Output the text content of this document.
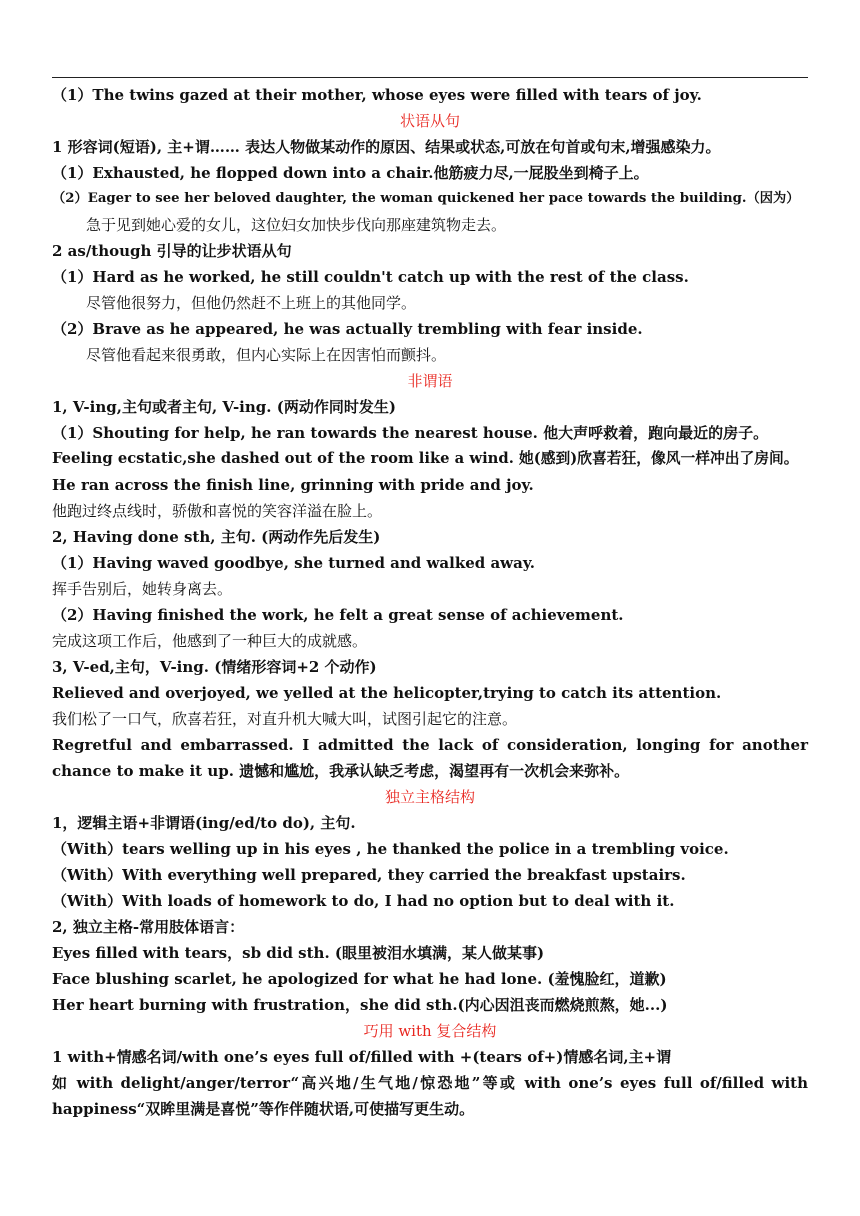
（1）The twins gazed at their mother, whose eyes were filled with tears of joy.
状语从句
1 形容词(短语), 主+谓…… 表达人物做某动作的原因、结果或状态,可放在句首或句末,增强感染力。
（1）Exhausted, he flopped down into a chair.他筋疲力尽,一屁股坐到椅子上。
（2）Eager to see her beloved daughter, the woman quickened her pace towards the building.（因为）
急于见到她心爱的女儿，这位妇女加快步伐向那座建筑物走去。
2 as/though 引导的让步状语从句
（1）Hard as he worked, he still couldn't catch up with the rest of the class.
尽管他很努力，但他仍然赶不上班上的其他同学。
（2）Brave as he appeared, he was actually trembling with fear inside.
尽管他看起来很勇敢，但内心实际上在因害怕而颤抖。
非谓语
1, V-ing,主句或者主句, V-ing. (两动作同时发生)
（1）Shouting for help, he ran towards the nearest house. 他大声呼救着，跑向最近的房子。
Feeling ecstatic,she dashed out of the room like a wind. 她(感到)欣喜若狂，像风一样冲出了房间。
He ran across the finish line, grinning with pride and joy.
他跑过终点线时，骄傲和喜悦的笑容洋溢在脸上。
2, Having done sth, 主句. (两动作先后发生)
（1）Having waved goodbye, she turned and walked away.
挥手告别后，她转身离去。
（2）Having finished the work, he felt a great sense of achievement.
完成这项工作后，他感到了一种巨大的成就感。
3, V-ed,主句，V-ing. (情绪形容词+2 个动作)
Relieved and overjoyed, we yelled at the helicopter,trying to catch its attention.
我们松了一口气，欣喜若狂，对直升机大喊大叫，试图引起它的注意。
Regretful and embarrassed. I admitted the lack of consideration, longing for another chance to make it up. 遗憾和尴尬，我承认缺乏考虑，渴望再有一次机会来弥补。
独立主格结构
1，逻辑主语+非谓语(ing/ed/to do), 主句.
（With）tears welling up in his eyes , he thanked the police in a trembling voice.
（With）With everything well prepared, they carried the breakfast upstairs.
（With）With loads of homework to do, I had no option but to deal with it.
2, 独立主格-常用肢体语言：
Eyes filled with tears，sb did sth. (眼里被泪水填满，某人做某事)
Face blushing scarlet, he apologized for what he had lone. (羞愧脸红，道歉)
Her heart burning with frustration，she did sth.(内心因沮丧而燃烧煎熬，她...)
巧用 with 复合结构
1 with+情感名词/with one’s eyes full of/filled with +(tears of+)情感名词,主+谓
如 with delight/anger/terror“高兴地/生气地/惊恐地”等或 with one’s eyes full of/filled with happiness“双眸里满是喜悦”等作伴随状语,可使描写更生动。
